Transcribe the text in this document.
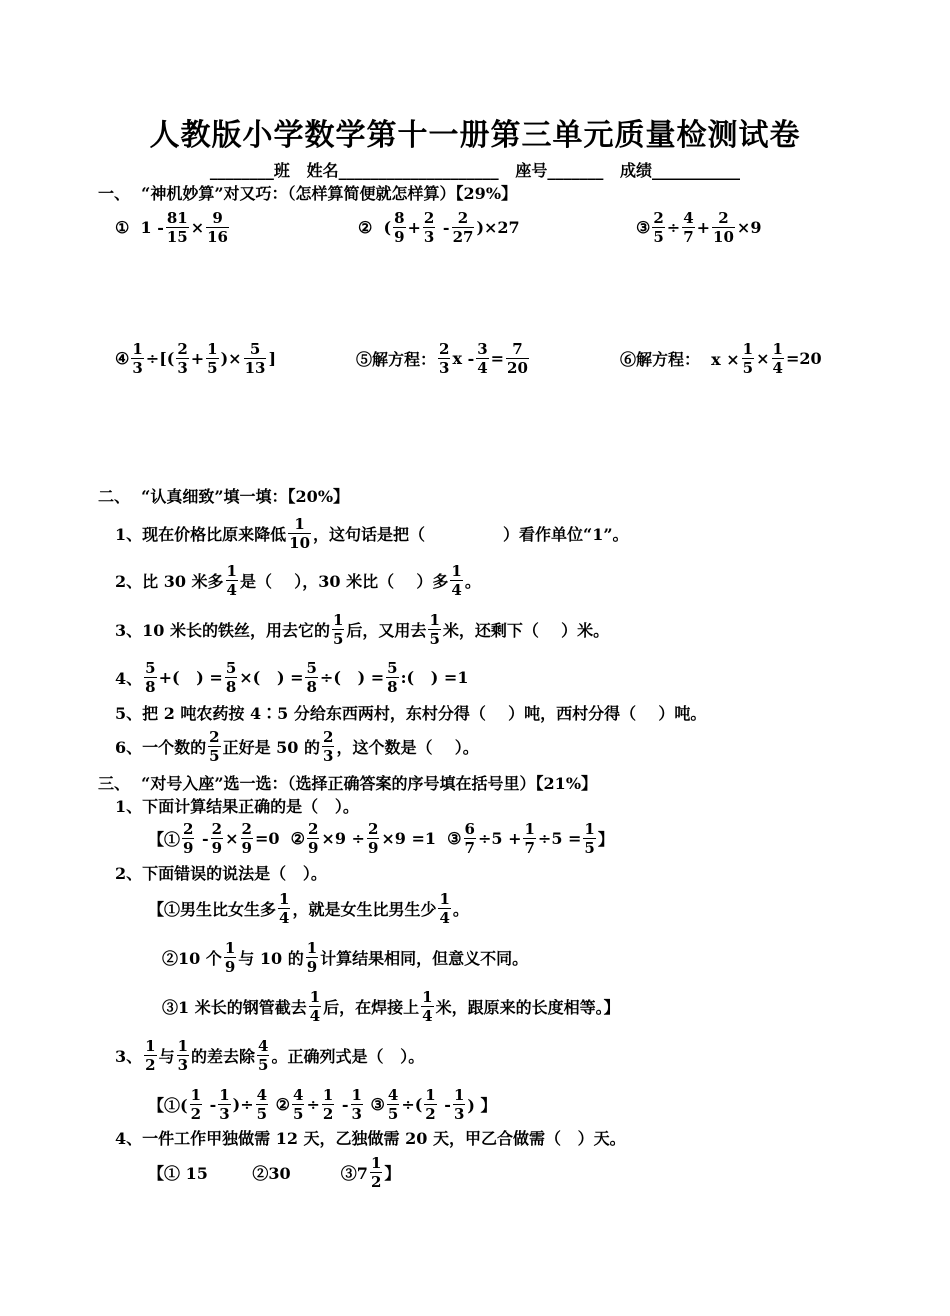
人教版小学数学第十一册第三单元质量检测试卷
________班   姓名____________________   座号_______   成绩___________
一、  “神机妙算”对又巧：（怎样算简便就怎样算）【29%】
①  $1 - \frac{81}{15} \times \frac{9}{16}$	②  ( $\frac{8}{9} + \frac{2}{3} - \frac{2}{27} )\times 27$	③ $\frac{2}{5} \div \frac{4}{7} + \frac{2}{10} \times 9$
④ $\frac{1}{3}$ ÷[( $\frac{2}{3} + \frac{1}{5}$ )× $\frac{5}{13}$ ]	⑤解方程： $\frac{2}{3}$ $x - \frac{3}{4} = \frac{7}{20}$	⑥解方程：  $x \times \frac{1}{5} \times \frac{1}{4} =20$
二、  “认真细致”填一填：【20%】
1、现在价格比原来降低 $\frac{1}{10}$ ，这句话是把（              ）看作单位“1”。
2、比 30 米多 $\frac{1}{4}$ 是（    ），30 米比（    ）多 $\frac{1}{4}$ 。
3、10 米长的铁丝，用去它的 $\frac{1}{5}$ 后，又用去 $\frac{1}{5}$ 米，还剩下（    ）米。
4、 $\frac{5}{8}$ +(   ) = $\frac{5}{8}$ ×(   ) = $\frac{5}{8}$ ÷(   ) = $\frac{5}{8}$ :(   ) =1
5、把 2 吨农药按 4∶5 分给东西两村，东村分得（    ）吨，西村分得（    ）吨。
6、一个数的 $\frac{2}{5}$ 正好是 50 的 $\frac{2}{3}$ ，这个数是（    ）。
三、  “对号入座”选一选：（选择正确答案的序号填在括号里）【21%】
1、下面计算结果正确的是（   ）。
【① $\frac{2}{9} - \frac{2}{9} \times \frac{2}{9} =0$  ② $\frac{2}{9} \times 9 \div \frac{2}{9} \times 9 =1$  ③ $\frac{6}{7} \div 5 + \frac{1}{7} \div 5 = \frac{1}{5}$ 】
2、下面错误的说法是（   ）。
【①男生比女生多 $\frac{1}{4}$ ，就是女生比男生少 $\frac{1}{4}$ 。
②10 个 $\frac{1}{9}$ 与 10 的 $\frac{1}{9}$ 计算结果相同，但意义不同。
③1 米长的钢管截去 $\frac{1}{4}$ 后，在焊接上 $\frac{1}{4}$ 米，跟原来的长度相等。】
3、 $\frac{1}{2}$ 与 $\frac{1}{3}$ 的差去除 $\frac{4}{5}$ 。正确列式是（   ）。
【①( $\frac{1}{2} - \frac{1}{3}$ )÷ $\frac{4}{5}$ ② $\frac{4}{5} \div \frac{1}{2} - \frac{1}{3}$ ③ $\frac{4}{5}$ ÷( $\frac{1}{2} - \frac{1}{3}$ ) 】
4、一件工作甲独做需 12 天，乙独做需 20 天，甲乙合做需（   ）天。
【① 15        ②30         ③7 $\frac{1}{2}$ 】
